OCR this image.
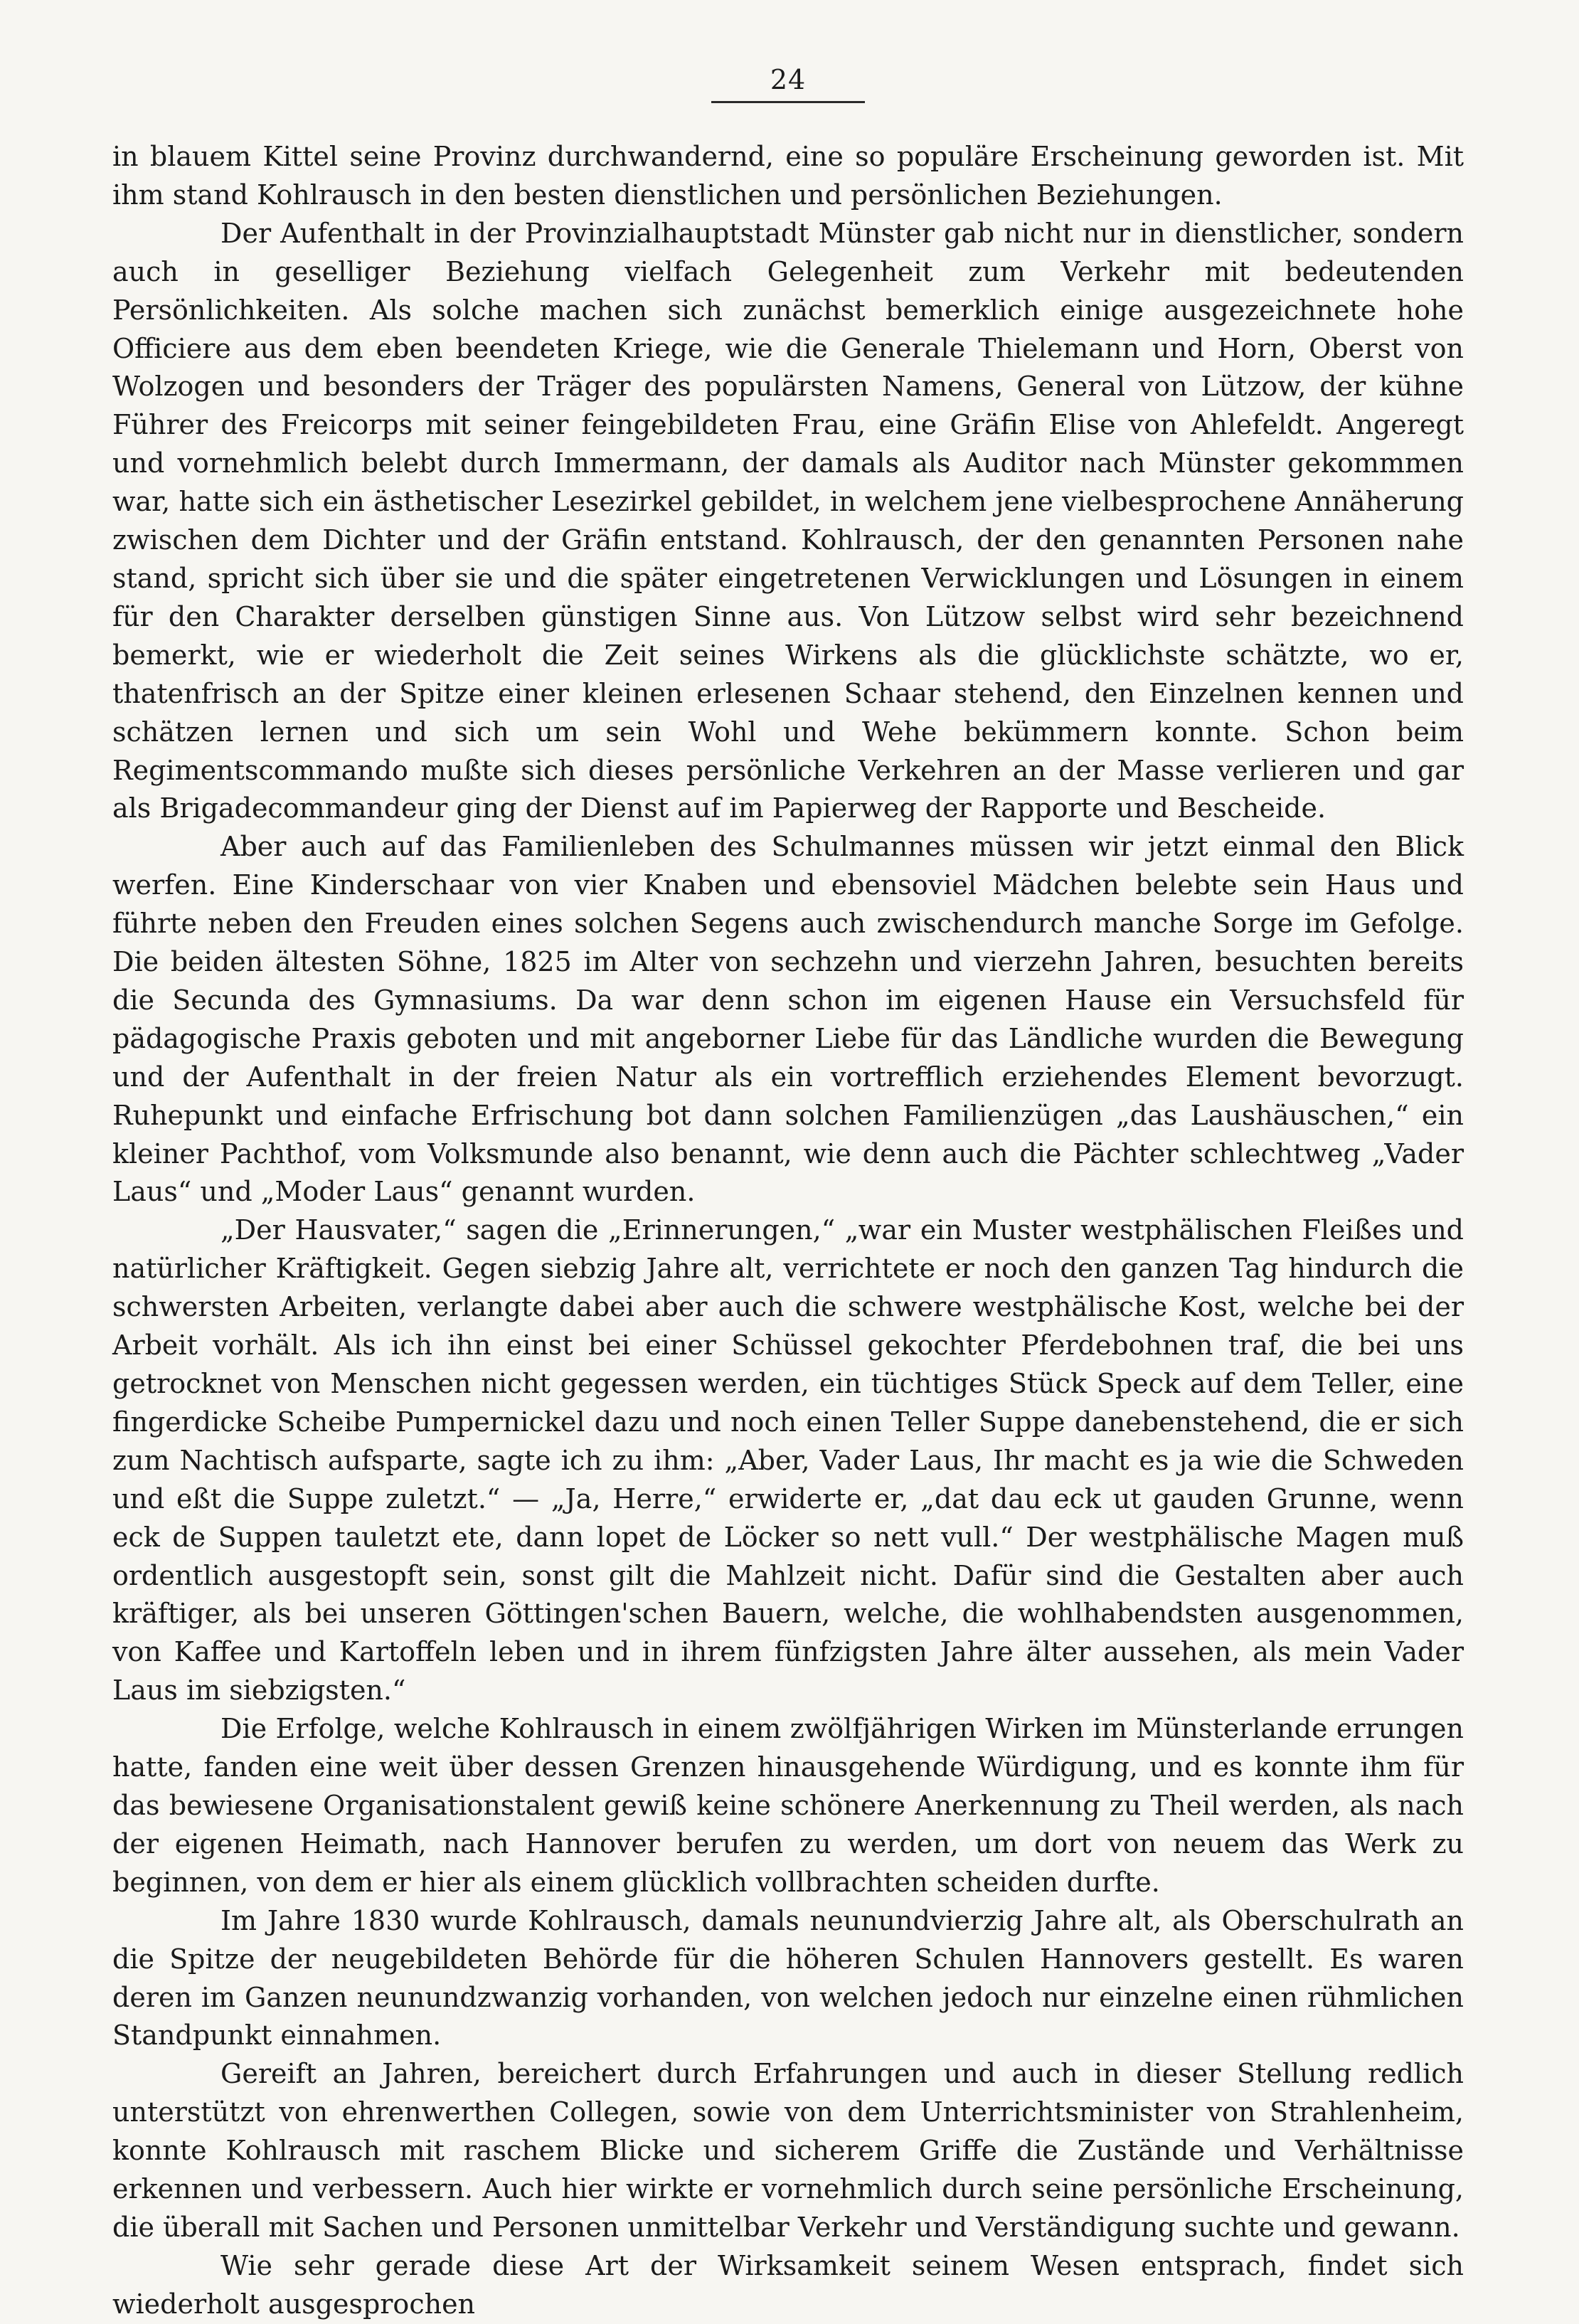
24

in blauem Kittel seine Provinz durchwandernd, eine so populäre Erscheinung geworden ist. Mit ihm stand Kohlrausch in den besten dienstlichen und persönlichen Beziehungen.

Der Aufenthalt in der Provinzialhauptstadt Münster gab nicht nur in dienstlicher, sondern auch in geselliger Beziehung vielfach Gelegenheit zum Verkehr mit bedeutenden Persönlichkeiten. Als solche machen sich zunächst bemerklich einige ausgezeichnete hohe Officiere aus dem eben beendeten Kriege, wie die Generale Thielemann und Horn, Oberst von Wolzogen und besonders der Träger des populärsten Namens, General von Lützow, der kühne Führer des Freicorps mit seiner feingebildeten Frau, eine Gräfin Elise von Ahlefeldt. Angeregt und vornehmlich belebt durch Immermann, der damals als Auditor nach Münster gekommmen war, hatte sich ein ästhetischer Lesezirkel gebildet, in welchem jene vielbesprochene Annäherung zwischen dem Dichter und der Gräfin entstand. Kohlrausch, der den genannten Personen nahe stand, spricht sich über sie und die später eingetretenen Verwicklungen und Lösungen in einem für den Charakter derselben günstigen Sinne aus. Von Lützow selbst wird sehr bezeichnend bemerkt, wie er wiederholt die Zeit seines Wirkens als die glücklichste schätzte, wo er, thatenfrisch an der Spitze einer kleinen erlesenen Schaar stehend, den Einzelnen kennen und schätzen lernen und sich um sein Wohl und Wehe bekümmern konnte. Schon beim Regimentscommando mußte sich dieses persönliche Verkehren an der Masse verlieren und gar als Brigadecommandeur ging der Dienst auf im Papierweg der Rapporte und Bescheide.

Aber auch auf das Familienleben des Schulmannes müssen wir jetzt einmal den Blick werfen. Eine Kinderschaar von vier Knaben und ebensoviel Mädchen belebte sein Haus und führte neben den Freuden eines solchen Segens auch zwischendurch manche Sorge im Gefolge. Die beiden ältesten Söhne, 1825 im Alter von sechzehn und vierzehn Jahren, besuchten bereits die Secunda des Gymnasiums. Da war denn schon im eigenen Hause ein Versuchsfeld für pädagogische Praxis geboten und mit angeborner Liebe für das Ländliche wurden die Bewegung und der Aufenthalt in der freien Natur als ein vortrefflich erziehendes Element bevorzugt. Ruhepunkt und einfache Erfrischung bot dann solchen Familienzügen „das Laushäuschen,“ ein kleiner Pachthof, vom Volksmunde also benannt, wie denn auch die Pächter schlechtweg „Vader Laus“ und „Moder Laus“ genannt wurden.

„Der Hausvater,“ sagen die „Erinnerungen,“ „war ein Muster westphälischen Fleißes und natürlicher Kräftigkeit. Gegen siebzig Jahre alt, verrichtete er noch den ganzen Tag hindurch die schwersten Arbeiten, verlangte dabei aber auch die schwere westphälische Kost, welche bei der Arbeit vorhält. Als ich ihn einst bei einer Schüssel gekochter Pferdebohnen traf, die bei uns getrocknet von Menschen nicht gegessen werden, ein tüchtiges Stück Speck auf dem Teller, eine fingerdicke Scheibe Pumpernickel dazu und noch einen Teller Suppe danebenstehend, die er sich zum Nachtisch aufsparte, sagte ich zu ihm: „Aber, Vader Laus, Ihr macht es ja wie die Schweden und eßt die Suppe zuletzt.“ — „Ja, Herre,“ erwiderte er, „dat dau eck ut gauden Grunne, wenn eck de Suppen tauletzt ete, dann lopet de Löcker so nett vull.“ Der westphälische Magen muß ordentlich ausgestopft sein, sonst gilt die Mahlzeit nicht. Dafür sind die Gestalten aber auch kräftiger, als bei unseren Göttingen'schen Bauern, welche, die wohlhabendsten ausgenommen, von Kaffee und Kartoffeln leben und in ihrem fünfzigsten Jahre älter aussehen, als mein Vader Laus im siebzigsten.“

Die Erfolge, welche Kohlrausch in einem zwölfjährigen Wirken im Münsterlande errungen hatte, fanden eine weit über dessen Grenzen hinausgehende Würdigung, und es konnte ihm für das bewiesene Organisationstalent gewiß keine schönere Anerkennung zu Theil werden, als nach der eigenen Heimath, nach Hannover berufen zu werden, um dort von neuem das Werk zu beginnen, von dem er hier als einem glücklich vollbrachten scheiden durfte.

Im Jahre 1830 wurde Kohlrausch, damals neunundvierzig Jahre alt, als Oberschulrath an die Spitze der neugebildeten Behörde für die höheren Schulen Hannovers gestellt. Es waren deren im Ganzen neunundzwanzig vorhanden, von welchen jedoch nur einzelne einen rühmlichen Standpunkt einnahmen.

Gereift an Jahren, bereichert durch Erfahrungen und auch in dieser Stellung redlich unterstützt von ehrenwerthen Collegen, sowie von dem Unterrichtsminister von Strahlenheim, konnte Kohlrausch mit raschem Blicke und sicherem Griffe die Zustände und Verhältnisse erkennen und verbessern. Auch hier wirkte er vornehmlich durch seine persönliche Erscheinung, die überall mit Sachen und Personen unmittelbar Verkehr und Verständigung suchte und gewann.

Wie sehr gerade diese Art der Wirksamkeit seinem Wesen entsprach, findet sich wiederholt ausgesprochen
